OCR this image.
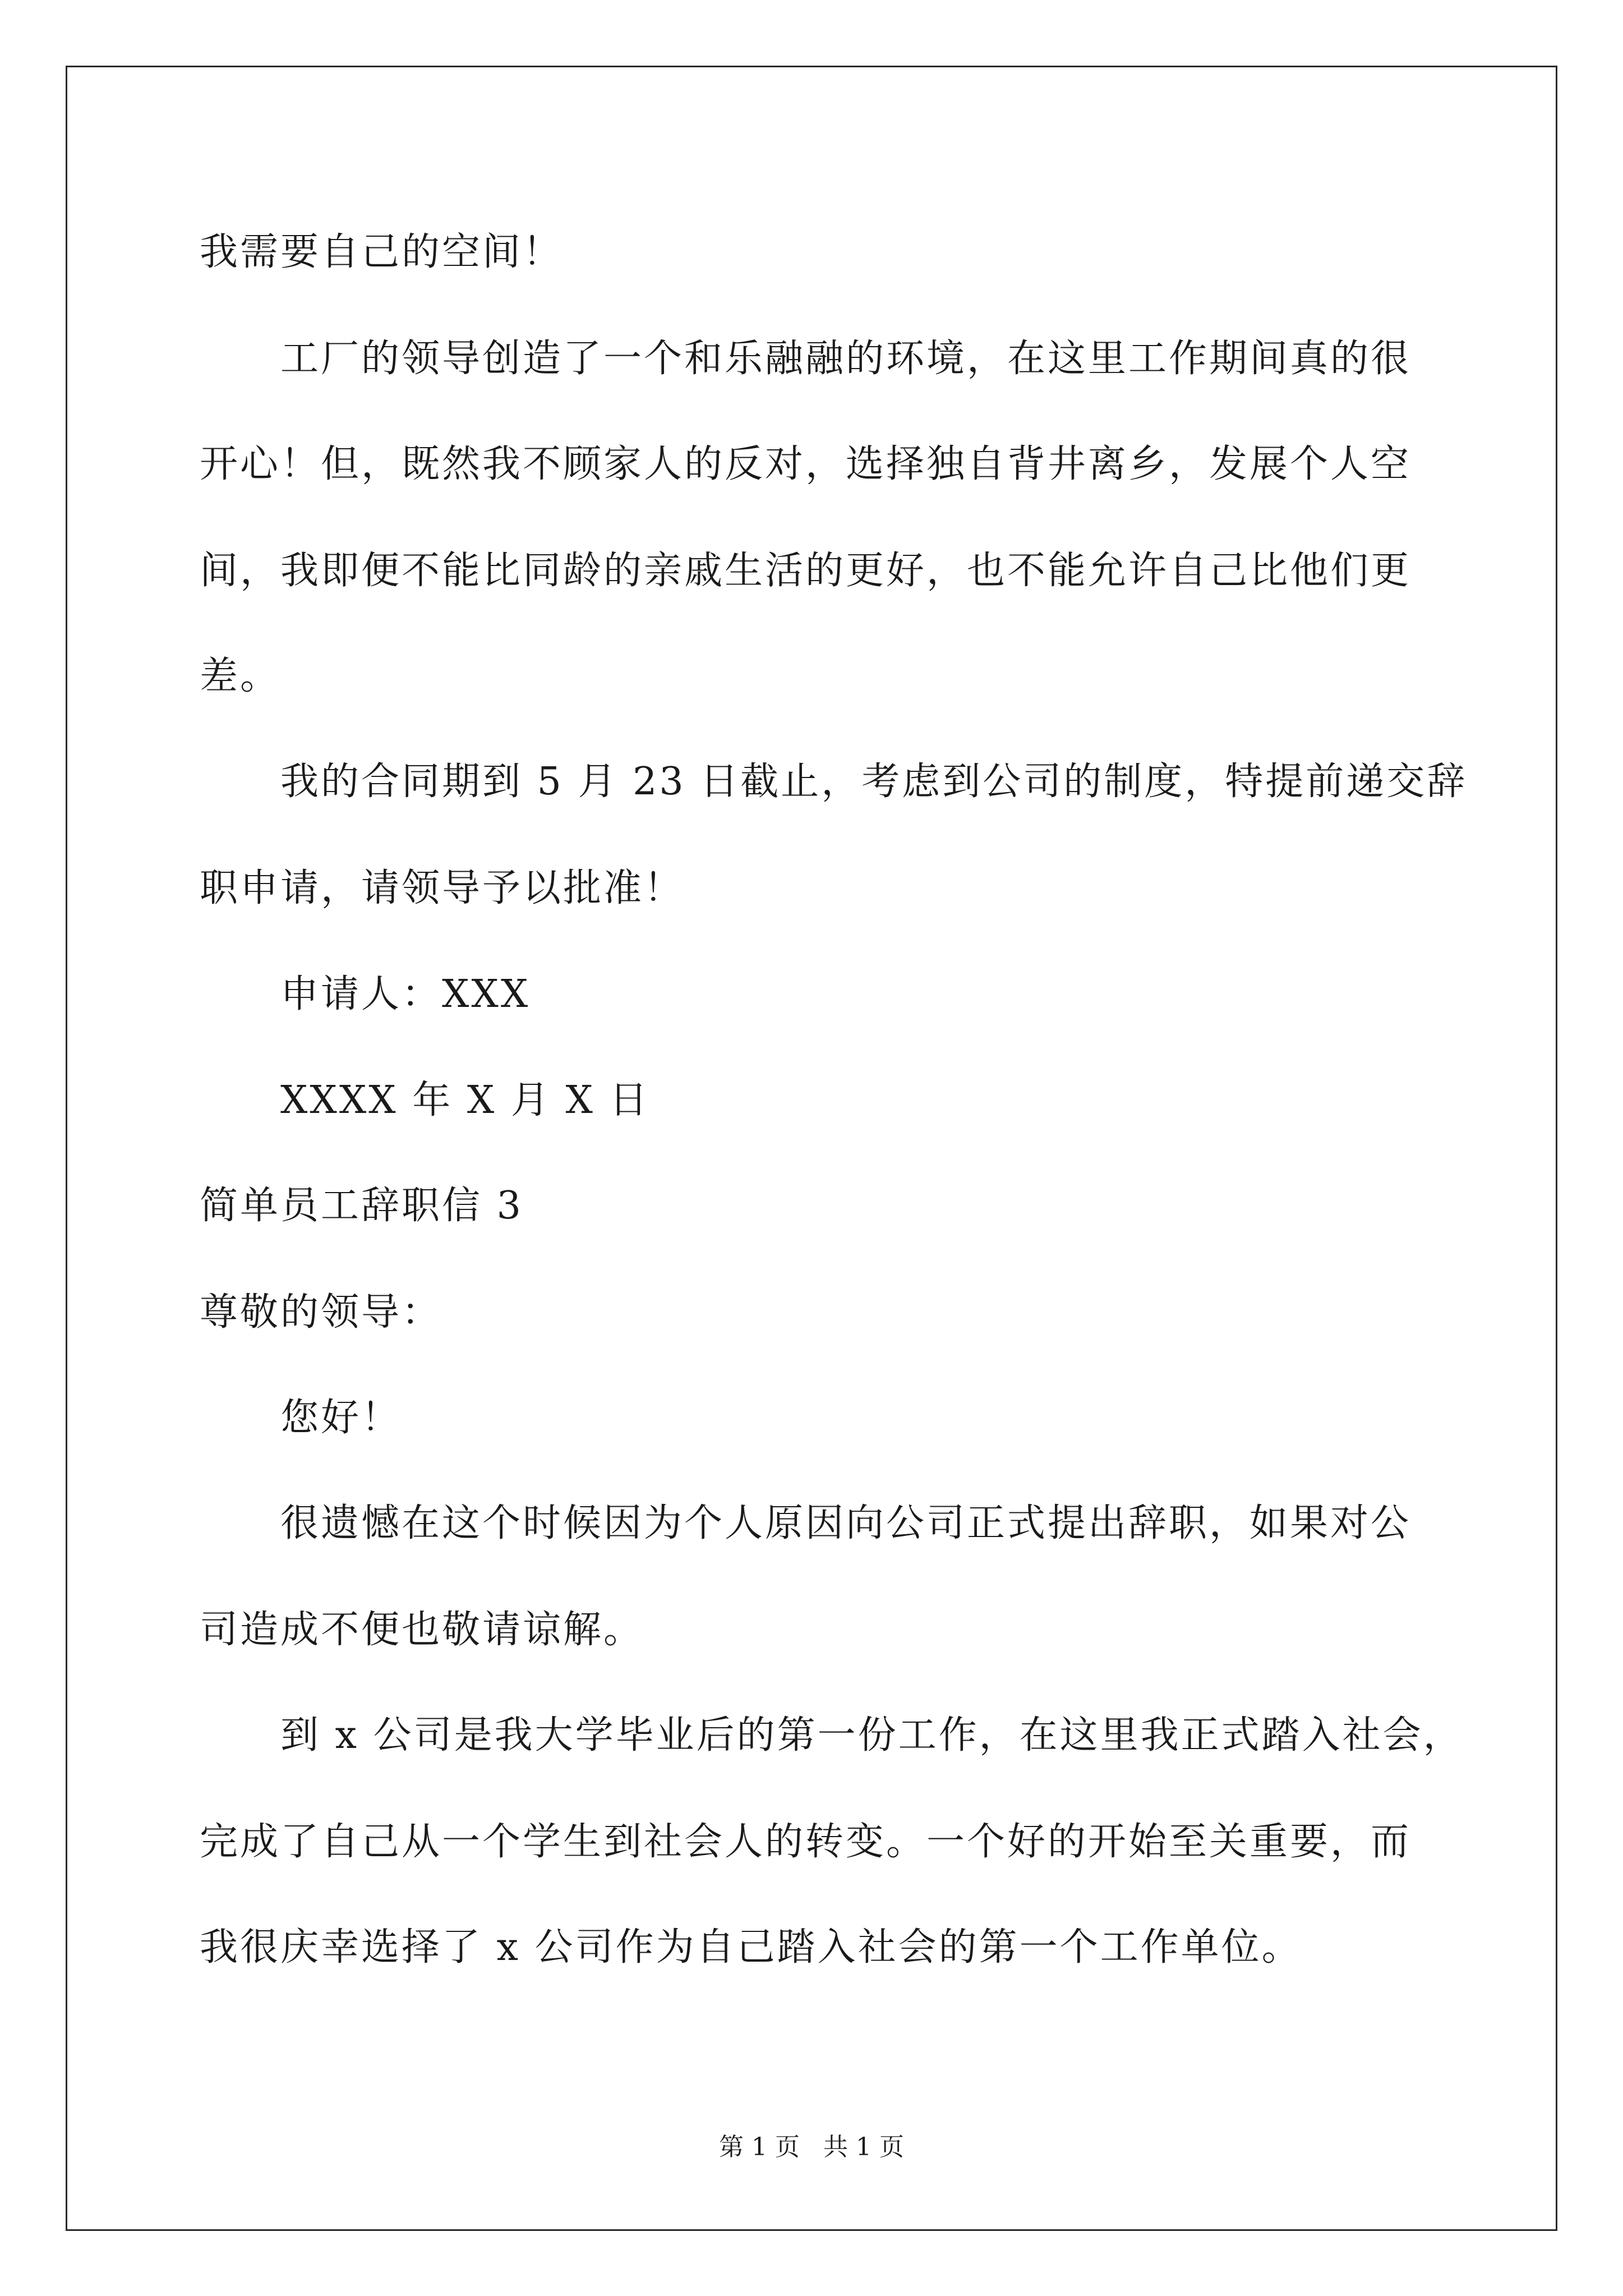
我需要自己的空间！
工厂的领导创造了一个和乐融融的环境，在这里工作期间真的很
开心！但，既然我不顾家人的反对，选择独自背井离乡，发展个人空
间，我即便不能比同龄的亲戚生活的更好，也不能允许自己比他们更
差。
我的合同期到 5 月 23 日截止，考虑到公司的制度，特提前递交辞
职申请，请领导予以批准！
申请人：XXX
XXXX 年 X 月 X 日
简单员工辞职信 3
尊敬的领导：
您好！
很遗憾在这个时候因为个人原因向公司正式提出辞职，如果对公
司造成不便也敬请谅解。
到 x 公司是我大学毕业后的第一份工作，在这里我正式踏入社会，
完成了自己从一个学生到社会人的转变。一个好的开始至关重要，而
我很庆幸选择了 x 公司作为自己踏入社会的第一个工作单位。
第 1 页   共 1 页
